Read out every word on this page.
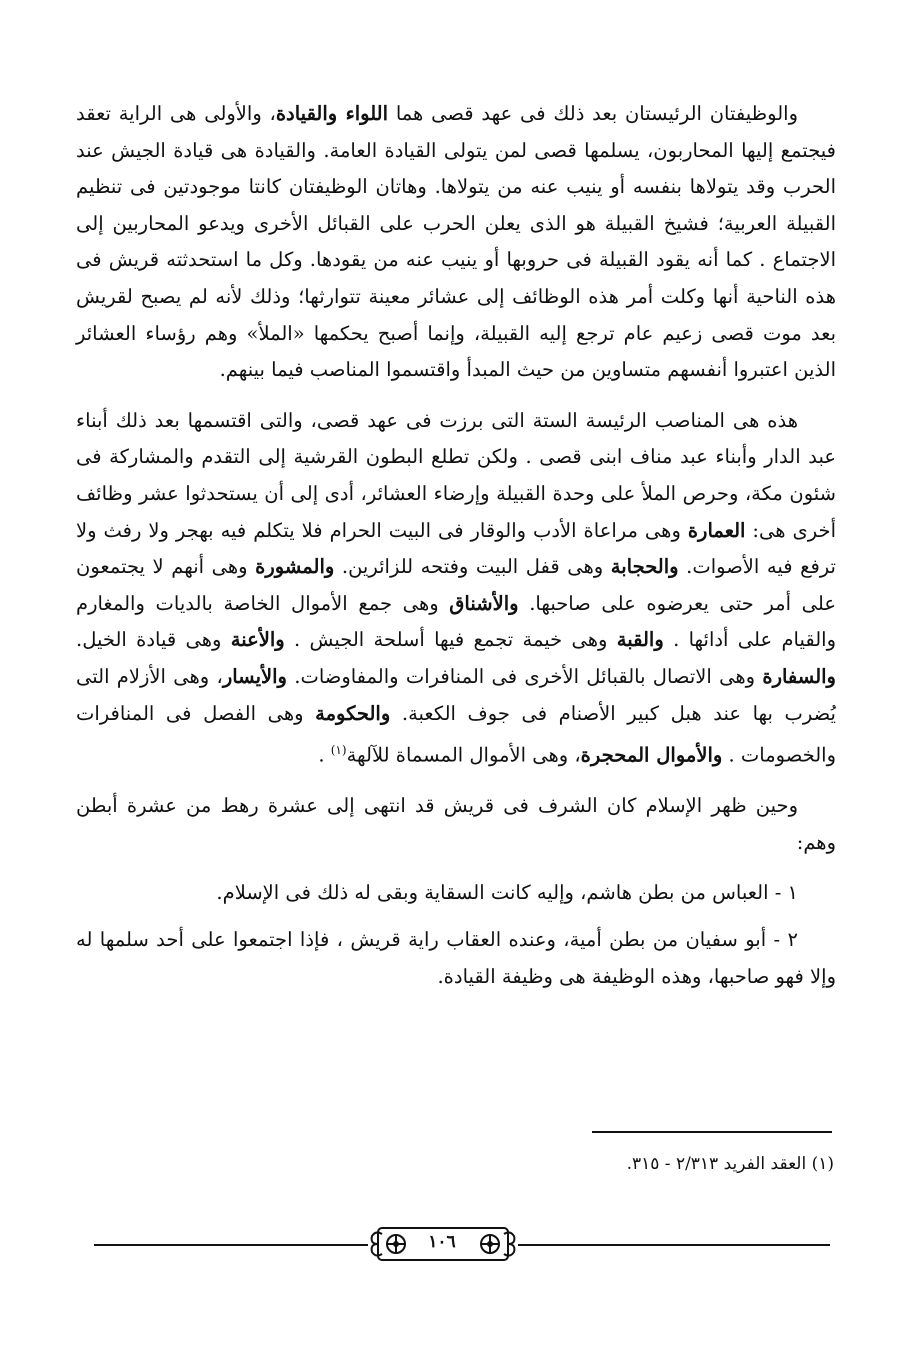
والوظيفتان الرئيستان بعد ذلك فى عهد قصى هما اللواء والقيادة، والأولى هى الراية تعقد فيجتمع إليها المحاربون، يسلمها قصى لمن يتولى القيادة العامة. والقيادة هى قيادة الجيش عند الحرب وقد يتولاها بنفسه أو ينيب عنه من يتولاها. وهاتان الوظيفتان كانتا موجودتين فى تنظيم القبيلة العربية؛ فشيخ القبيلة هو الذى يعلن الحرب على القبائل الأخرى ويدعو المحاربين إلى الاجتماع . كما أنه يقود القبيلة فى حروبها أو ينيب عنه من يقودها. وكل ما استحدثته قريش فى هذه الناحية أنها وكلت أمر هذه الوظائف إلى عشائر معينة تتوارثها؛ وذلك لأنه لم يصبح لقريش بعد موت قصى زعيم عام ترجع إليه القبيلة، وإنما أصبح يحكمها «الملأ» وهم رؤساء العشائر الذين اعتبروا أنفسهم متساوين من حيث المبدأ واقتسموا المناصب فيما بينهم.

هذه هى المناصب الرئيسة الستة التى برزت فى عهد قصى، والتى اقتسمها بعد ذلك أبناء عبد الدار وأبناء عبد مناف ابنى قصى . ولكن تطلع البطون القرشية إلى التقدم والمشاركة فى شئون مكة، وحرص الملأ على وحدة القبيلة وإرضاء العشائر، أدى إلى أن يستحدثوا عشر وظائف أخرى هى: العمارة وهى مراعاة الأدب والوقار فى البيت الحرام فلا يتكلم فيه بهجر ولا رفث ولا ترفع فيه الأصوات. والحجابة وهى قفل البيت وفتحه للزائرين. والمشورة وهى أنهم لا يجتمعون على أمر حتى يعرضوه على صاحبها. والأشناق وهى جمع الأموال الخاصة بالديات والمغارم والقيام على أدائها . والقبة وهى خيمة تجمع فيها أسلحة الجيش . والأعنة وهى قيادة الخيل. والسفارة وهى الاتصال بالقبائل الأخرى فى المنافرات والمفاوضات. والأيسار، وهى الأزلام التى يُضرب بها عند هبل كبير الأصنام فى جوف الكعبة. والحكومة وهى الفصل فى المنافرات والخصومات . والأموال المحجرة، وهى الأموال المسماة للآلهة$^{(١)}$ .

وحين ظهر الإسلام كان الشرف فى قريش قد انتهى إلى عشرة رهط من عشرة أبطن وهم:

١ - العباس من بطن هاشم، وإليه كانت السقاية وبقى له ذلك فى الإسلام.

٢ - أبو سفيان من بطن أمية، وعنده العقاب راية قريش ، فإذا اجتمعوا على أحد سلمها له وإلا فهو صاحبها، وهذه الوظيفة هى وظيفة القيادة.

(١) العقد الفريد ٢/٣١٣ - ٣١٥.
١٠٦
